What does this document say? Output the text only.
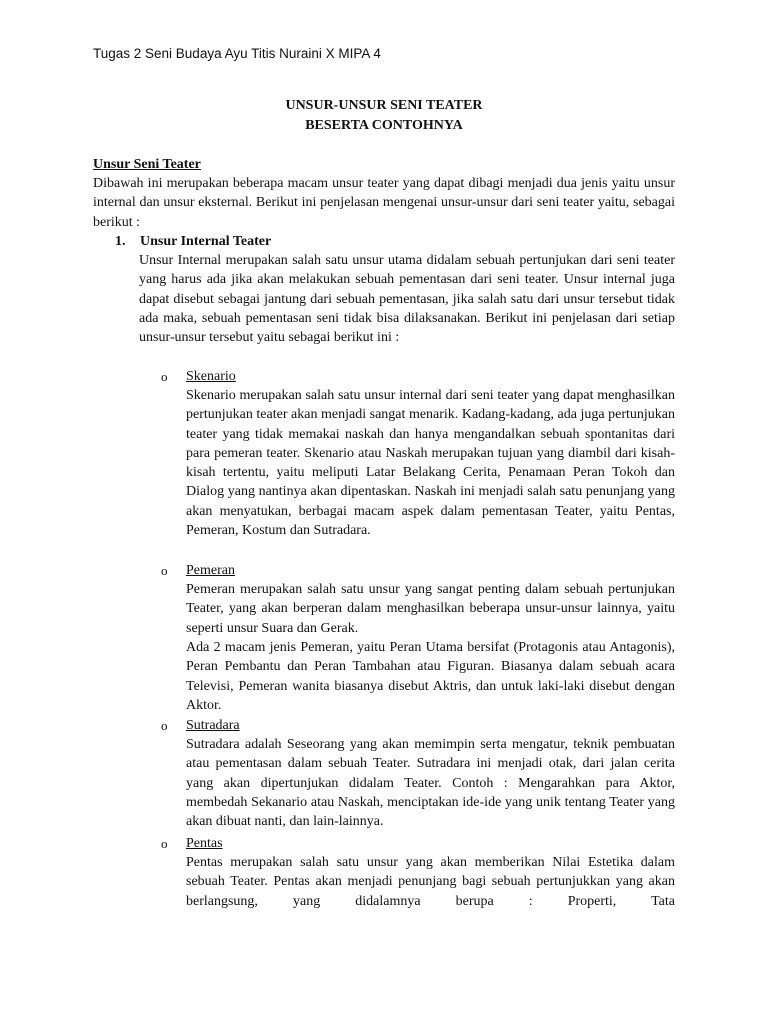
Tugas 2 Seni Budaya Ayu Titis Nuraini X MIPA 4
UNSUR-UNSUR SENI TEATER
BESERTA CONTOHNYA
Unsur Seni Teater

Dibawah ini merupakan beberapa macam unsur teater yang dapat dibagi menjadi dua jenis yaitu unsur internal dan unsur eksternal. Berikut ini penjelasan mengenai unsur-unsur dari seni teater yaitu, sebagai berikut :

1. Unsur Internal Teater

Unsur Internal merupakan salah satu unsur utama didalam sebuah pertunjukan dari seni teater yang harus ada jika akan melakukan sebuah pementasan dari seni teater. Unsur internal juga dapat disebut sebagai jantung dari sebuah pementasan, jika salah satu dari unsur tersebut tidak ada maka, sebuah pementasan seni tidak bisa dilaksanakan. Berikut ini penjelasan dari setiap unsur-unsur tersebut yaitu sebagai berikut ini :

o Skenario

Skenario merupakan salah satu unsur internal dari seni teater yang dapat menghasilkan pertunjukan teater akan menjadi sangat menarik. Kadang-kadang, ada juga pertunjukan teater yang tidak memakai naskah dan hanya mengandalkan sebuah spontanitas dari para pemeran teater. Skenario atau Naskah merupakan tujuan yang diambil dari kisah-kisah tertentu, yaitu meliputi Latar Belakang Cerita, Penamaan Peran Tokoh dan Dialog yang nantinya akan dipentaskan. Naskah ini menjadi salah satu penunjang yang akan menyatukan, berbagai macam aspek dalam pementasan Teater, yaitu Pentas, Pemeran, Kostum dan Sutradara.

o Pemeran

Pemeran merupakan salah satu unsur yang sangat penting dalam sebuah pertunjukan Teater, yang akan berperan dalam menghasilkan beberapa unsur-unsur lainnya, yaitu seperti unsur Suara dan Gerak.

Ada 2 macam jenis Pemeran, yaitu Peran Utama bersifat (Protagonis atau Antagonis), Peran Pembantu dan Peran Tambahan atau Figuran. Biasanya dalam sebuah acara Televisi, Pemeran wanita biasanya disebut Aktris, dan untuk laki-laki disebut dengan Aktor.

o Sutradara

Sutradara adalah Seseorang yang akan memimpin serta mengatur, teknik pembuatan atau pementasan dalam sebuah Teater. Sutradara ini menjadi otak, dari jalan cerita yang akan dipertunjukan didalam Teater. Contoh : Mengarahkan para Aktor, membedah Sekanario atau Naskah, menciptakan ide-ide yang unik tentang Teater yang akan dibuat nanti, dan lain-lainnya.

o Pentas

Pentas merupakan salah satu unsur yang akan memberikan Nilai Estetika dalam sebuah Teater. Pentas akan menjadi penunjang bagi sebuah pertunjukkan yang akan berlangsung, yang didalamnya berupa : Properti, Tata
